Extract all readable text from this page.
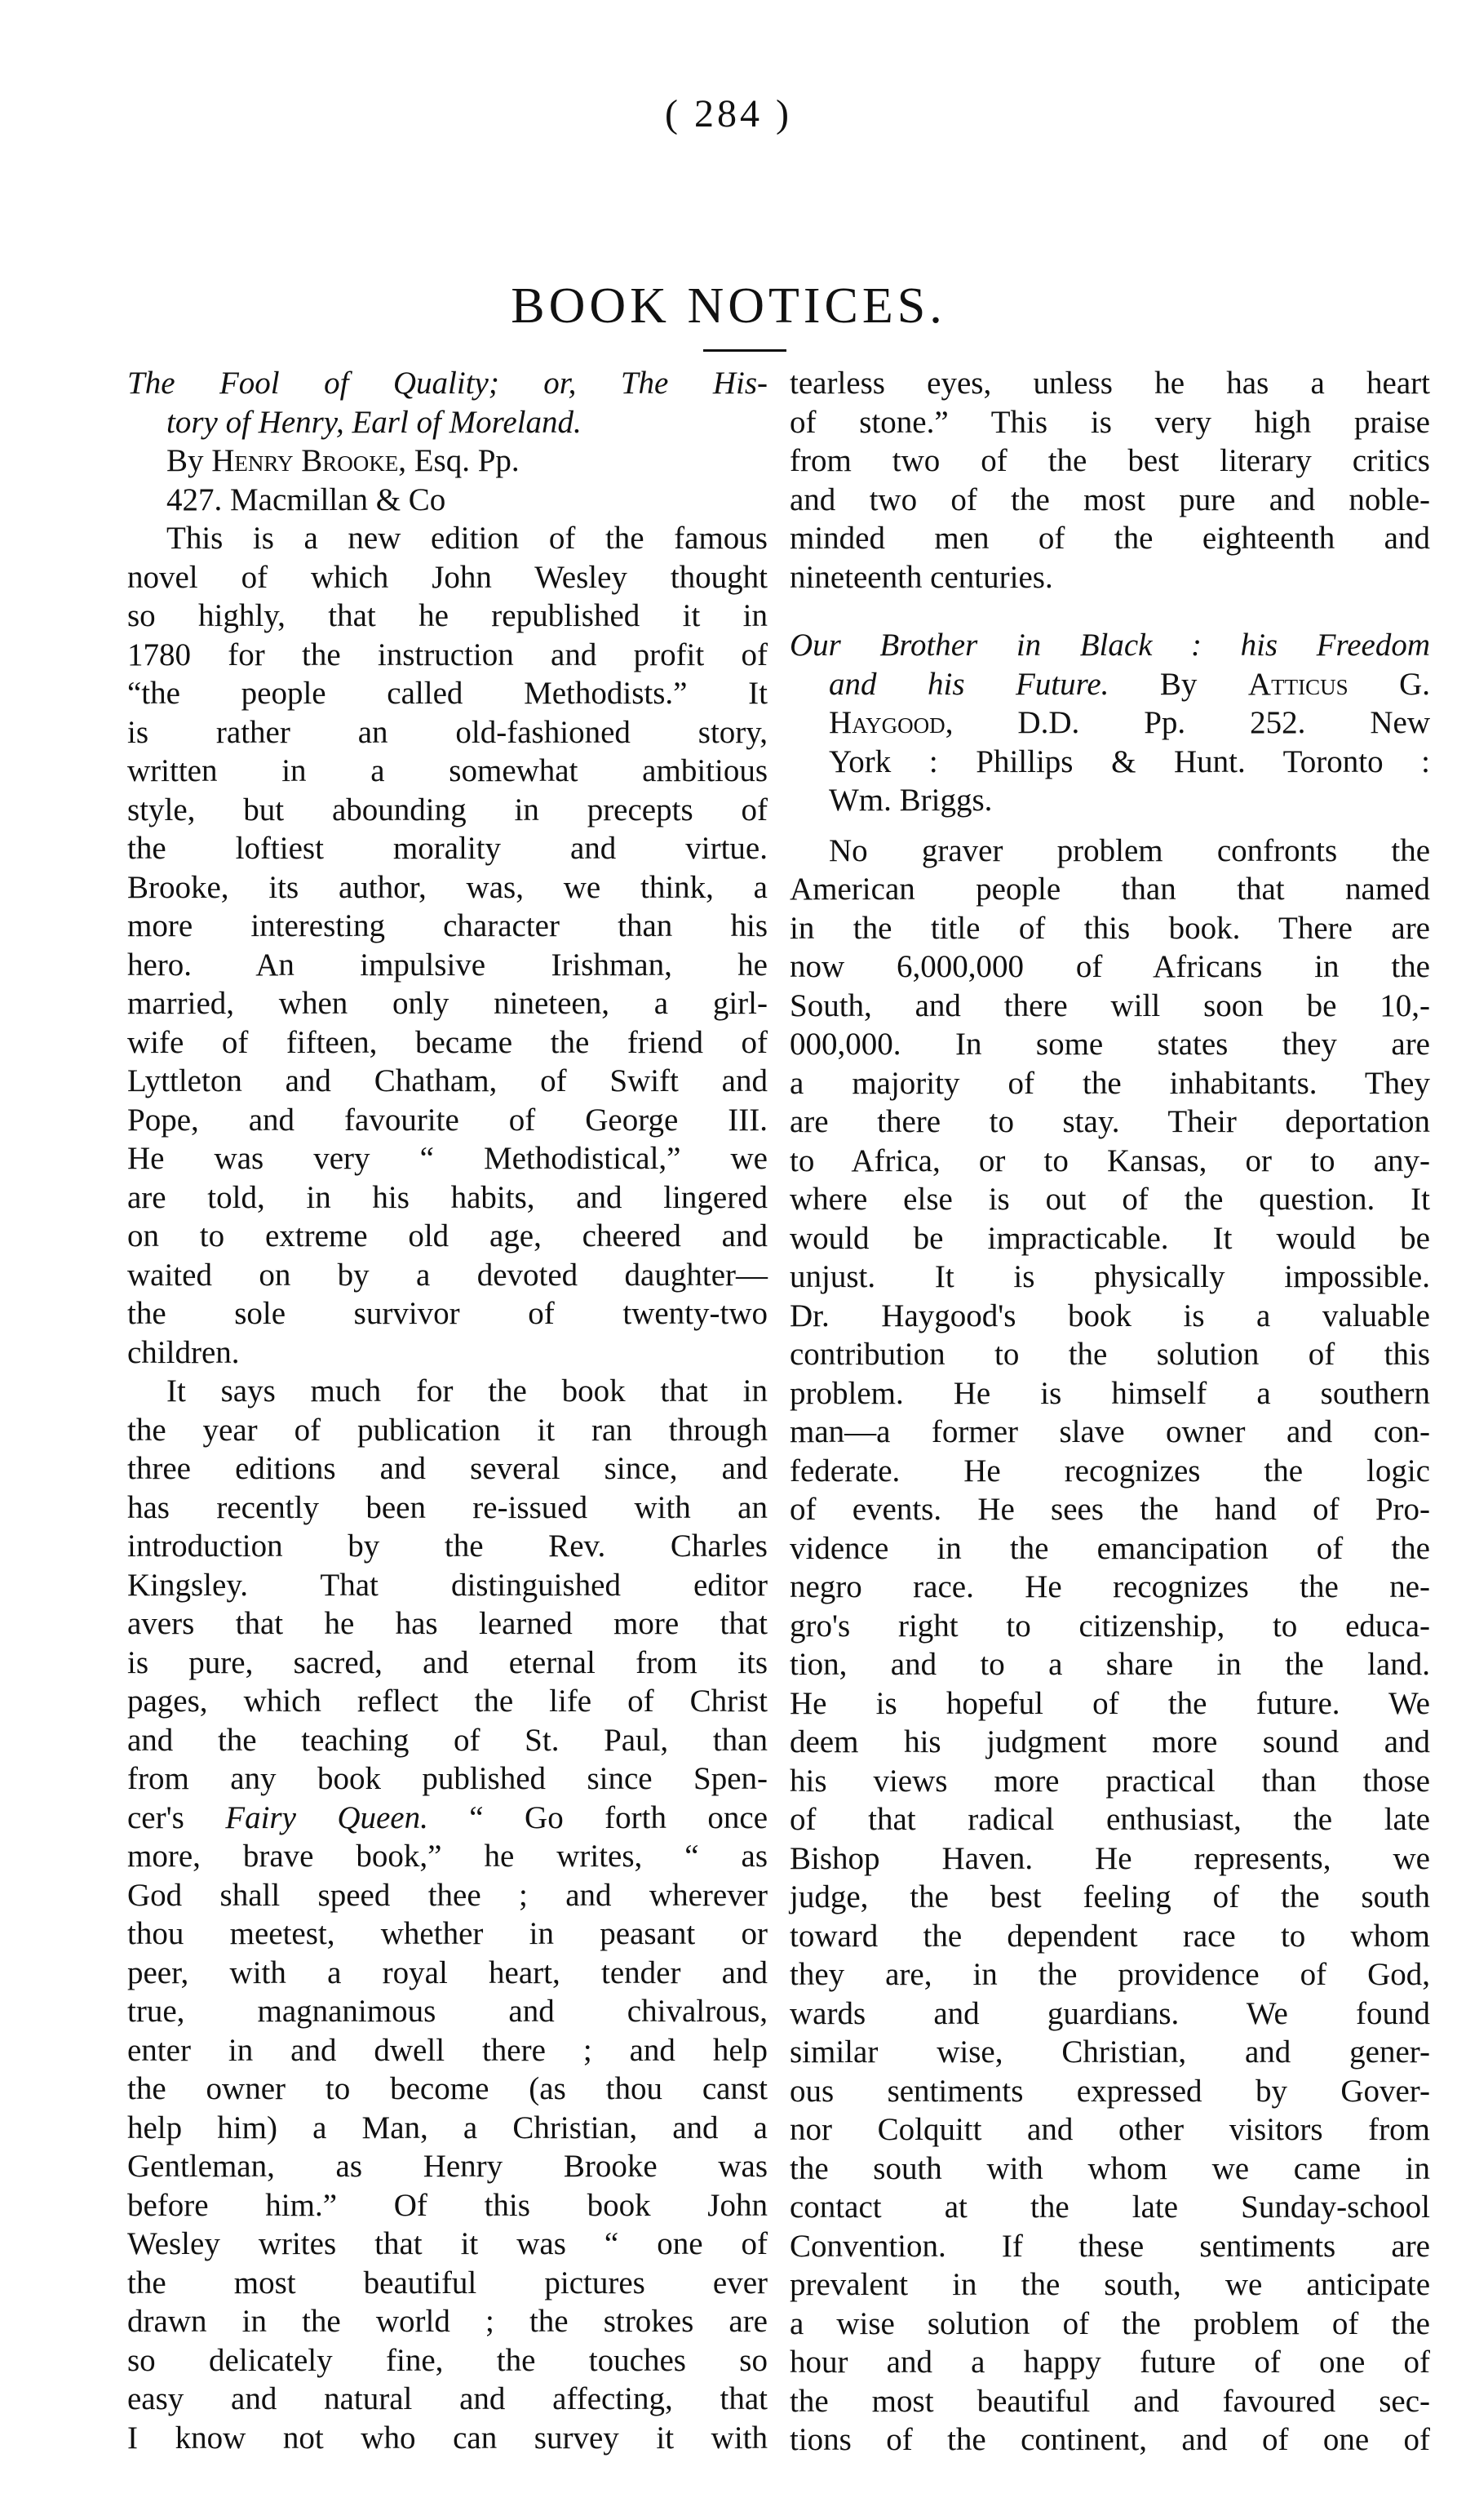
( 284 )
BOOK NOTICES.
The Fool of Quality; or, The His-
tory of Henry, Earl of Moreland.
By Henry Brooke, Esq. Pp.
427. Macmillan & Co
This is a new edition of the famous
novel of which John Wesley thought
so highly, that he republished it in
1780 for the instruction and profit of
“the people called Methodists.” It
is rather an old-fashioned story,
written in a somewhat ambitious
style, but abounding in precepts of
the loftiest morality and virtue.
Brooke, its author, was, we think, a
more interesting character than his
hero. An impulsive Irishman, he
married, when only nineteen, a girl-
wife of fifteen, became the friend of
Lyttleton and Chatham, of Swift and
Pope, and favourite of George III.
He was very “ Methodistical,” we
are told, in his habits, and lingered
on to extreme old age, cheered and
waited on by a devoted daughter—
the sole survivor of twenty-two
children.
It says much for the book that in
the year of publication it ran through
three editions and several since, and
has recently been re-issued with an
introduction by the Rev. Charles
Kingsley. That distinguished editor
avers that he has learned more that
is pure, sacred, and eternal from its
pages, which reflect the life of Christ
and the teaching of St. Paul, than
from any book published since Spen-
cer's Fairy Queen. “ Go forth once
more, brave book,” he writes, “ as
God shall speed thee ; and wherever
thou meetest, whether in peasant or
peer, with a royal heart, tender and
true, magnanimous and chivalrous,
enter in and dwell there ; and help
the owner to become (as thou canst
help him) a Man, a Christian, and a
Gentleman, as Henry Brooke was
before him.” Of this book John
Wesley writes that it was “ one of
the most beautiful pictures ever
drawn in the world ; the strokes are
so delicately fine, the touches so
easy and natural and affecting, that
I know not who can survey it with
tearless eyes, unless he has a heart
of stone.” This is very high praise
from two of the best literary critics
and two of the most pure and noble-
minded men of the eighteenth and
nineteenth centuries.
Our Brother in Black : his Freedom
and his Future. By Atticus G.
Haygood, D.D. Pp. 252. New
York : Phillips & Hunt. Toronto :
Wm. Briggs.
No graver problem confronts the
American people than that named
in the title of this book. There are
now 6,000,000 of Africans in the
South, and there will soon be 10,-
000,000. In some states they are
a majority of the inhabitants. They
are there to stay. Their deportation
to Africa, or to Kansas, or to any-
where else is out of the question. It
would be impracticable. It would be
unjust. It is physically impossible.
Dr. Haygood's book is a valuable
contribution to the solution of this
problem. He is himself a southern
man—a former slave owner and con-
federate. He recognizes the logic
of events. He sees the hand of Pro-
vidence in the emancipation of the
negro race. He recognizes the ne-
gro's right to citizenship, to educa-
tion, and to a share in the land.
He is hopeful of the future. We
deem his judgment more sound and
his views more practical than those
of that radical enthusiast, the late
Bishop Haven. He represents, we
judge, the best feeling of the south
toward the dependent race to whom
they are, in the providence of God,
wards and guardians. We found
similar wise, Christian, and gener-
ous sentiments expressed by Gover-
nor Colquitt and other visitors from
the south with whom we came in
contact at the late Sunday-school
Convention. If these sentiments are
prevalent in the south, we anticipate
a wise solution of the problem of the
hour and a happy future of one of
the most beautiful and favoured sec-
tions of the continent, and of one of
